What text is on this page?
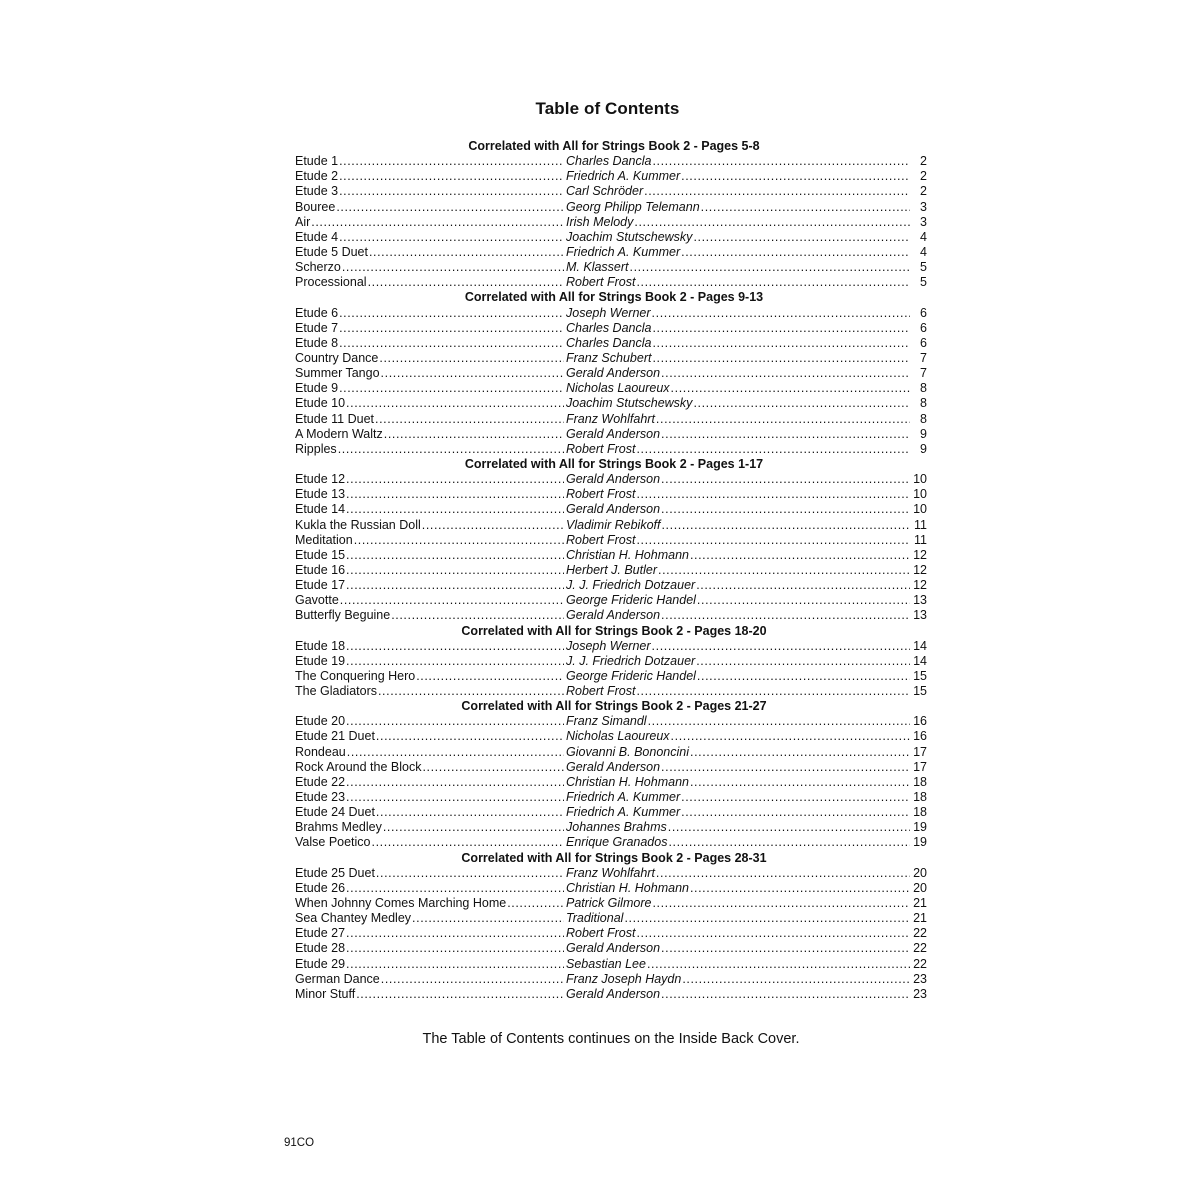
Table of Contents
Correlated with All for Strings Book 2 - Pages 5-8
Etude 1 .....	Charles Dancla .....	2
Etude 2 .....	Friedrich A. Kummer .....	2
Etude 3 .....	Carl Schröder .....	2
Bouree .....	Georg Philipp Telemann .....	3
Air .....	Irish Melody .....	3
Etude 4 .....	Joachim Stutschewsky .....	4
Etude 5 Duet .....	Friedrich A. Kummer .....	4
Scherzo .....	M. Klassert .....	5
Processional .....	Robert Frost .....	5
Correlated with All for Strings Book 2 - Pages 9-13
Etude 6 .....	Joseph Werner .....	6
Etude 7 .....	Charles Dancla .....	6
Etude 8 .....	Charles Dancla .....	6
Country Dance .....	Franz Schubert .....	7
Summer Tango .....	Gerald Anderson .....	7
Etude 9 .....	Nicholas Laoureux .....	8
Etude 10 .....	Joachim Stutschewsky .....	8
Etude 11 Duet .....	Franz Wohlfahrt .....	8
A Modern Waltz .....	Gerald Anderson .....	9
Ripples .....	Robert Frost .....	9
Correlated with All for Strings Book 2 - Pages 1-17
Etude 12 .....	Gerald Anderson .....	10
Etude 13 .....	Robert Frost .....	10
Etude 14 .....	Gerald Anderson .....	10
Kukla the Russian Doll .....	Vladimir Rebikoff .....	11
Meditation .....	Robert Frost .....	11
Etude 15 .....	Christian H. Hohmann .....	12
Etude 16 .....	Herbert J. Butler .....	12
Etude 17 .....	J. J. Friedrich Dotzauer .....	12
Gavotte .....	George Frideric Handel .....	13
Butterfly Beguine .....	Gerald Anderson .....	13
Correlated with All for Strings Book 2 - Pages 18-20
Etude 18 .....	Joseph Werner .....	14
Etude 19 .....	J. J. Friedrich Dotzauer .....	14
The Conquering Hero .....	George Frideric Handel .....	15
The Gladiators .....	Robert Frost .....	15
Correlated with All for Strings Book 2 - Pages 21-27
Etude 20 .....	Franz Simandl .....	16
Etude 21 Duet .....	Nicholas Laoureux .....	16
Rondeau .....	Giovanni B. Bononcini .....	17
Rock Around the Block .....	Gerald Anderson .....	17
Etude 22 .....	Christian H. Hohmann .....	18
Etude 23 .....	Friedrich A. Kummer .....	18
Etude 24 Duet .....	Friedrich A. Kummer .....	18
Brahms Medley .....	Johannes Brahms .....	19
Valse Poetico .....	Enrique Granados .....	19
Correlated with All for Strings Book 2 - Pages 28-31
Etude 25 Duet .....	Franz Wohlfahrt .....	20
Etude 26 .....	Christian H. Hohmann .....	20
When Johnny Comes Marching Home .....	Patrick Gilmore .....	21
Sea Chantey Medley .....	Traditional .....	21
Etude 27 .....	Robert Frost .....	22
Etude 28 .....	Gerald Anderson .....	22
Etude 29 .....	Sebastian Lee .....	22
German Dance .....	Franz Joseph Haydn .....	23
Minor Stuff .....	Gerald Anderson .....	23
The Table of Contents continues on the Inside Back Cover.
91CO
